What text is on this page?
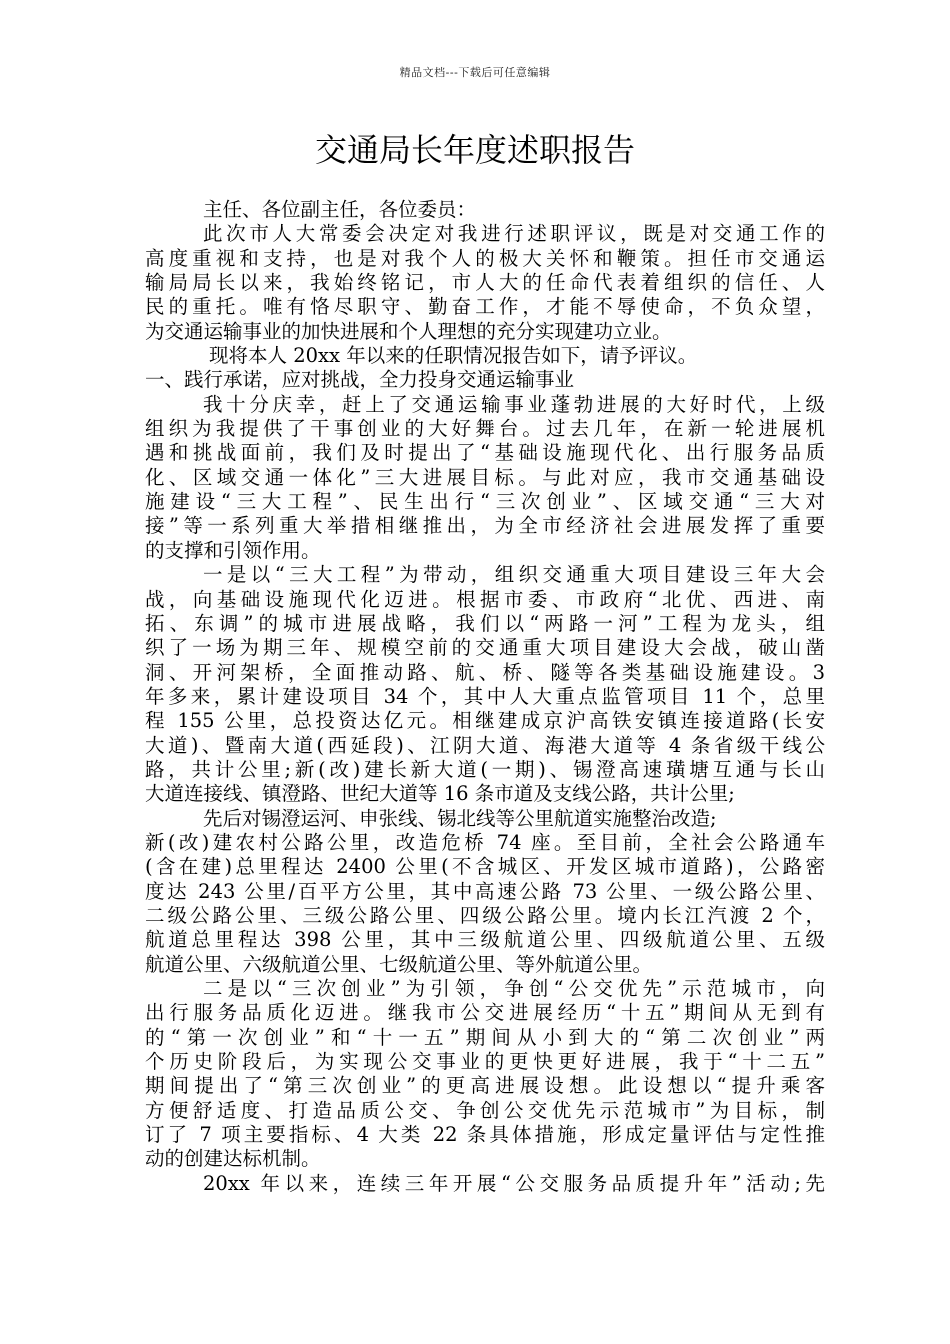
精品文档---下载后可任意编辑
交通局长年度述职报告
主任、各位副主任，各位委员：
此次市人大常委会决定对我进行述职评议，既是对交通工作的
高度重视和支持，也是对我个人的极大关怀和鞭策。担任市交通运
输局局长以来，我始终铭记，市人大的任命代表着组织的信任、人
民的重托。唯有恪尽职守、勤奋工作，才能不辱使命，不负众望，
为交通运输事业的加快进展和个人理想的充分实现建功立业。
现将本人 20xx 年以来的任职情况报告如下，请予评议。
一、践行承诺，应对挑战，全力投身交通运输事业
我十分庆幸，赶上了交通运输事业蓬勃进展的大好时代，上级
组织为我提供了干事创业的大好舞台。过去几年，在新一轮进展机
遇和挑战面前，我们及时提出了“基础设施现代化、出行服务品质
化、区域交通一体化”三大进展目标。与此对应，我市交通基础设
施建设“三大工程”、民生出行“三次创业”、区域交通“三大对
接”等一系列重大举措相继推出，为全市经济社会进展发挥了重要
的支撑和引领作用。
一是以“三大工程”为带动，组织交通重大项目建设三年大会
战，向基础设施现代化迈进。根据市委、市政府“北优、西进、南
拓、东调”的城市进展战略，我们以“两路一河”工程为龙头，组
织了一场为期三年、规模空前的交通重大项目建设大会战，破山凿
洞、开河架桥，全面推动路、航、桥、隧等各类基础设施建设。3
年多来，累计建设项目 34 个，其中人大重点监管项目 11 个，总里
程 155 公里，总投资达亿元。相继建成京沪高铁安镇连接道路(长安
大道)、暨南大道(西延段)、江阴大道、海港大道等 4 条省级干线公
路，共计公里;新(改)建长新大道(一期)、锡澄高速璜塘互通与长山
大道连接线、镇澄路、世纪大道等 16 条市道及支线公路，共计公里;
先后对锡澄运河、申张线、锡北线等公里航道实施整治改造;
新(改)建农村公路公里，改造危桥 74 座。至目前，全社会公路通车
(含在建)总里程达 2400 公里(不含城区、开发区城市道路)，公路密
度达 243 公里/百平方公里，其中高速公路 73 公里、一级公路公里、
二级公路公里、三级公路公里、四级公路公里。境内长江汽渡 2 个，
航道总里程达 398 公里，其中三级航道公里、四级航道公里、五级
航道公里、六级航道公里、七级航道公里、等外航道公里。
二是以“三次创业”为引领，争创“公交优先”示范城市，向
出行服务品质化迈进。继我市公交进展经历“十五”期间从无到有
的“第一次创业”和“十一五”期间从小到大的“第二次创业”两
个历史阶段后，为实现公交事业的更快更好进展，我于“十二五”
期间提出了“第三次创业”的更高进展设想。此设想以“提升乘客
方便舒适度、打造品质公交、争创公交优先示范城市”为目标，制
订了 7 项主要指标、4 大类 22 条具体措施，形成定量评估与定性推
动的创建达标机制。
20xx 年以来，连续三年开展“公交服务品质提升年”活动;先
